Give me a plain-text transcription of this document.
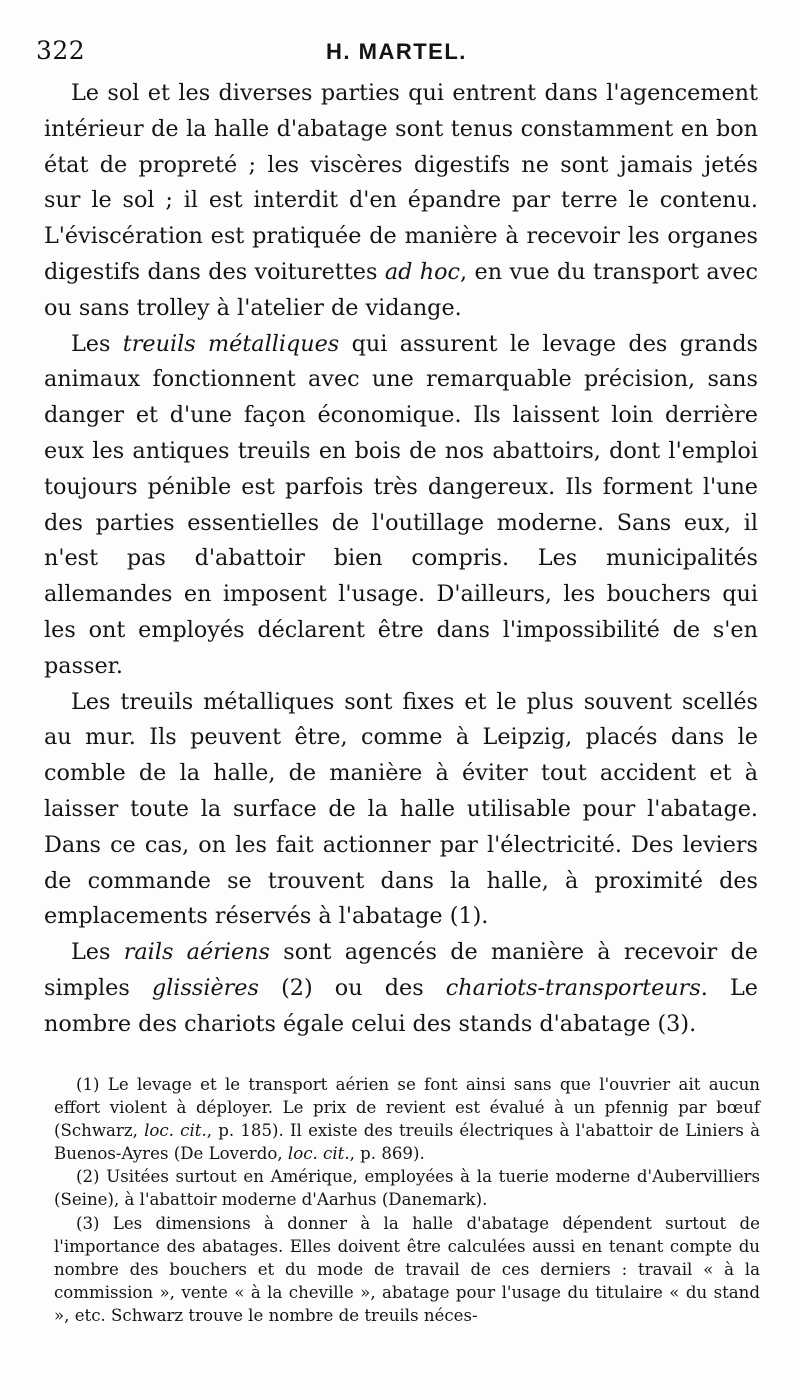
322	H. MARTEL.

Le sol et les diverses parties qui entrent dans l'agencement intérieur de la halle d'abatage sont tenus constamment en bon état de propreté ; les viscères digestifs ne sont jamais jetés sur le sol ; il est interdit d'en épandre par terre le contenu. L'éviscération est pratiquée de manière à recevoir les organes digestifs dans des voiturettes ad hoc, en vue du transport avec ou sans trolley à l'atelier de vidange.

Les treuils métalliques qui assurent le levage des grands animaux fonctionnent avec une remarquable précision, sans danger et d'une façon économique. Ils laissent loin derrière eux les antiques treuils en bois de nos abattoirs, dont l'emploi toujours pénible est parfois très dangereux. Ils forment l'une des parties essentielles de l'outillage moderne. Sans eux, il n'est pas d'abattoir bien compris. Les municipalités allemandes en imposent l'usage. D'ailleurs, les bouchers qui les ont employés déclarent être dans l'impossibilité de s'en passer.

Les treuils métalliques sont fixes et le plus souvent scellés au mur. Ils peuvent être, comme à Leipzig, placés dans le comble de la halle, de manière à éviter tout accident et à laisser toute la surface de la halle utilisable pour l'abatage. Dans ce cas, on les fait actionner par l'électricité. Des leviers de commande se trouvent dans la halle, à proximité des emplacements réservés à l'abatage (1).

Les rails aériens sont agencés de manière à recevoir de simples glissières (2) ou des chariots-transporteurs. Le nombre des chariots égale celui des stands d'abatage (3).

(1) Le levage et le transport aérien se font ainsi sans que l'ouvrier ait aucun effort violent à déployer. Le prix de revient est évalué à un pfennig par bœuf (Schwarz, loc. cit., p. 185). Il existe des treuils électriques à l'abattoir de Liniers à Buenos-Ayres (De Loverdo, loc. cit., p. 869).

(2) Usitées surtout en Amérique, employées à la tuerie moderne d'Aubervilliers (Seine), à l'abattoir moderne d'Aarhus (Danemark).

(3) Les dimensions à donner à la halle d'abatage dépendent surtout de l'importance des abatages. Elles doivent être calculées aussi en tenant compte du nombre des bouchers et du mode de travail de ces derniers : travail « à la commission », vente « à la cheville », abatage pour l'usage du titulaire « du stand », etc. Schwarz trouve le nombre de treuils néces-
